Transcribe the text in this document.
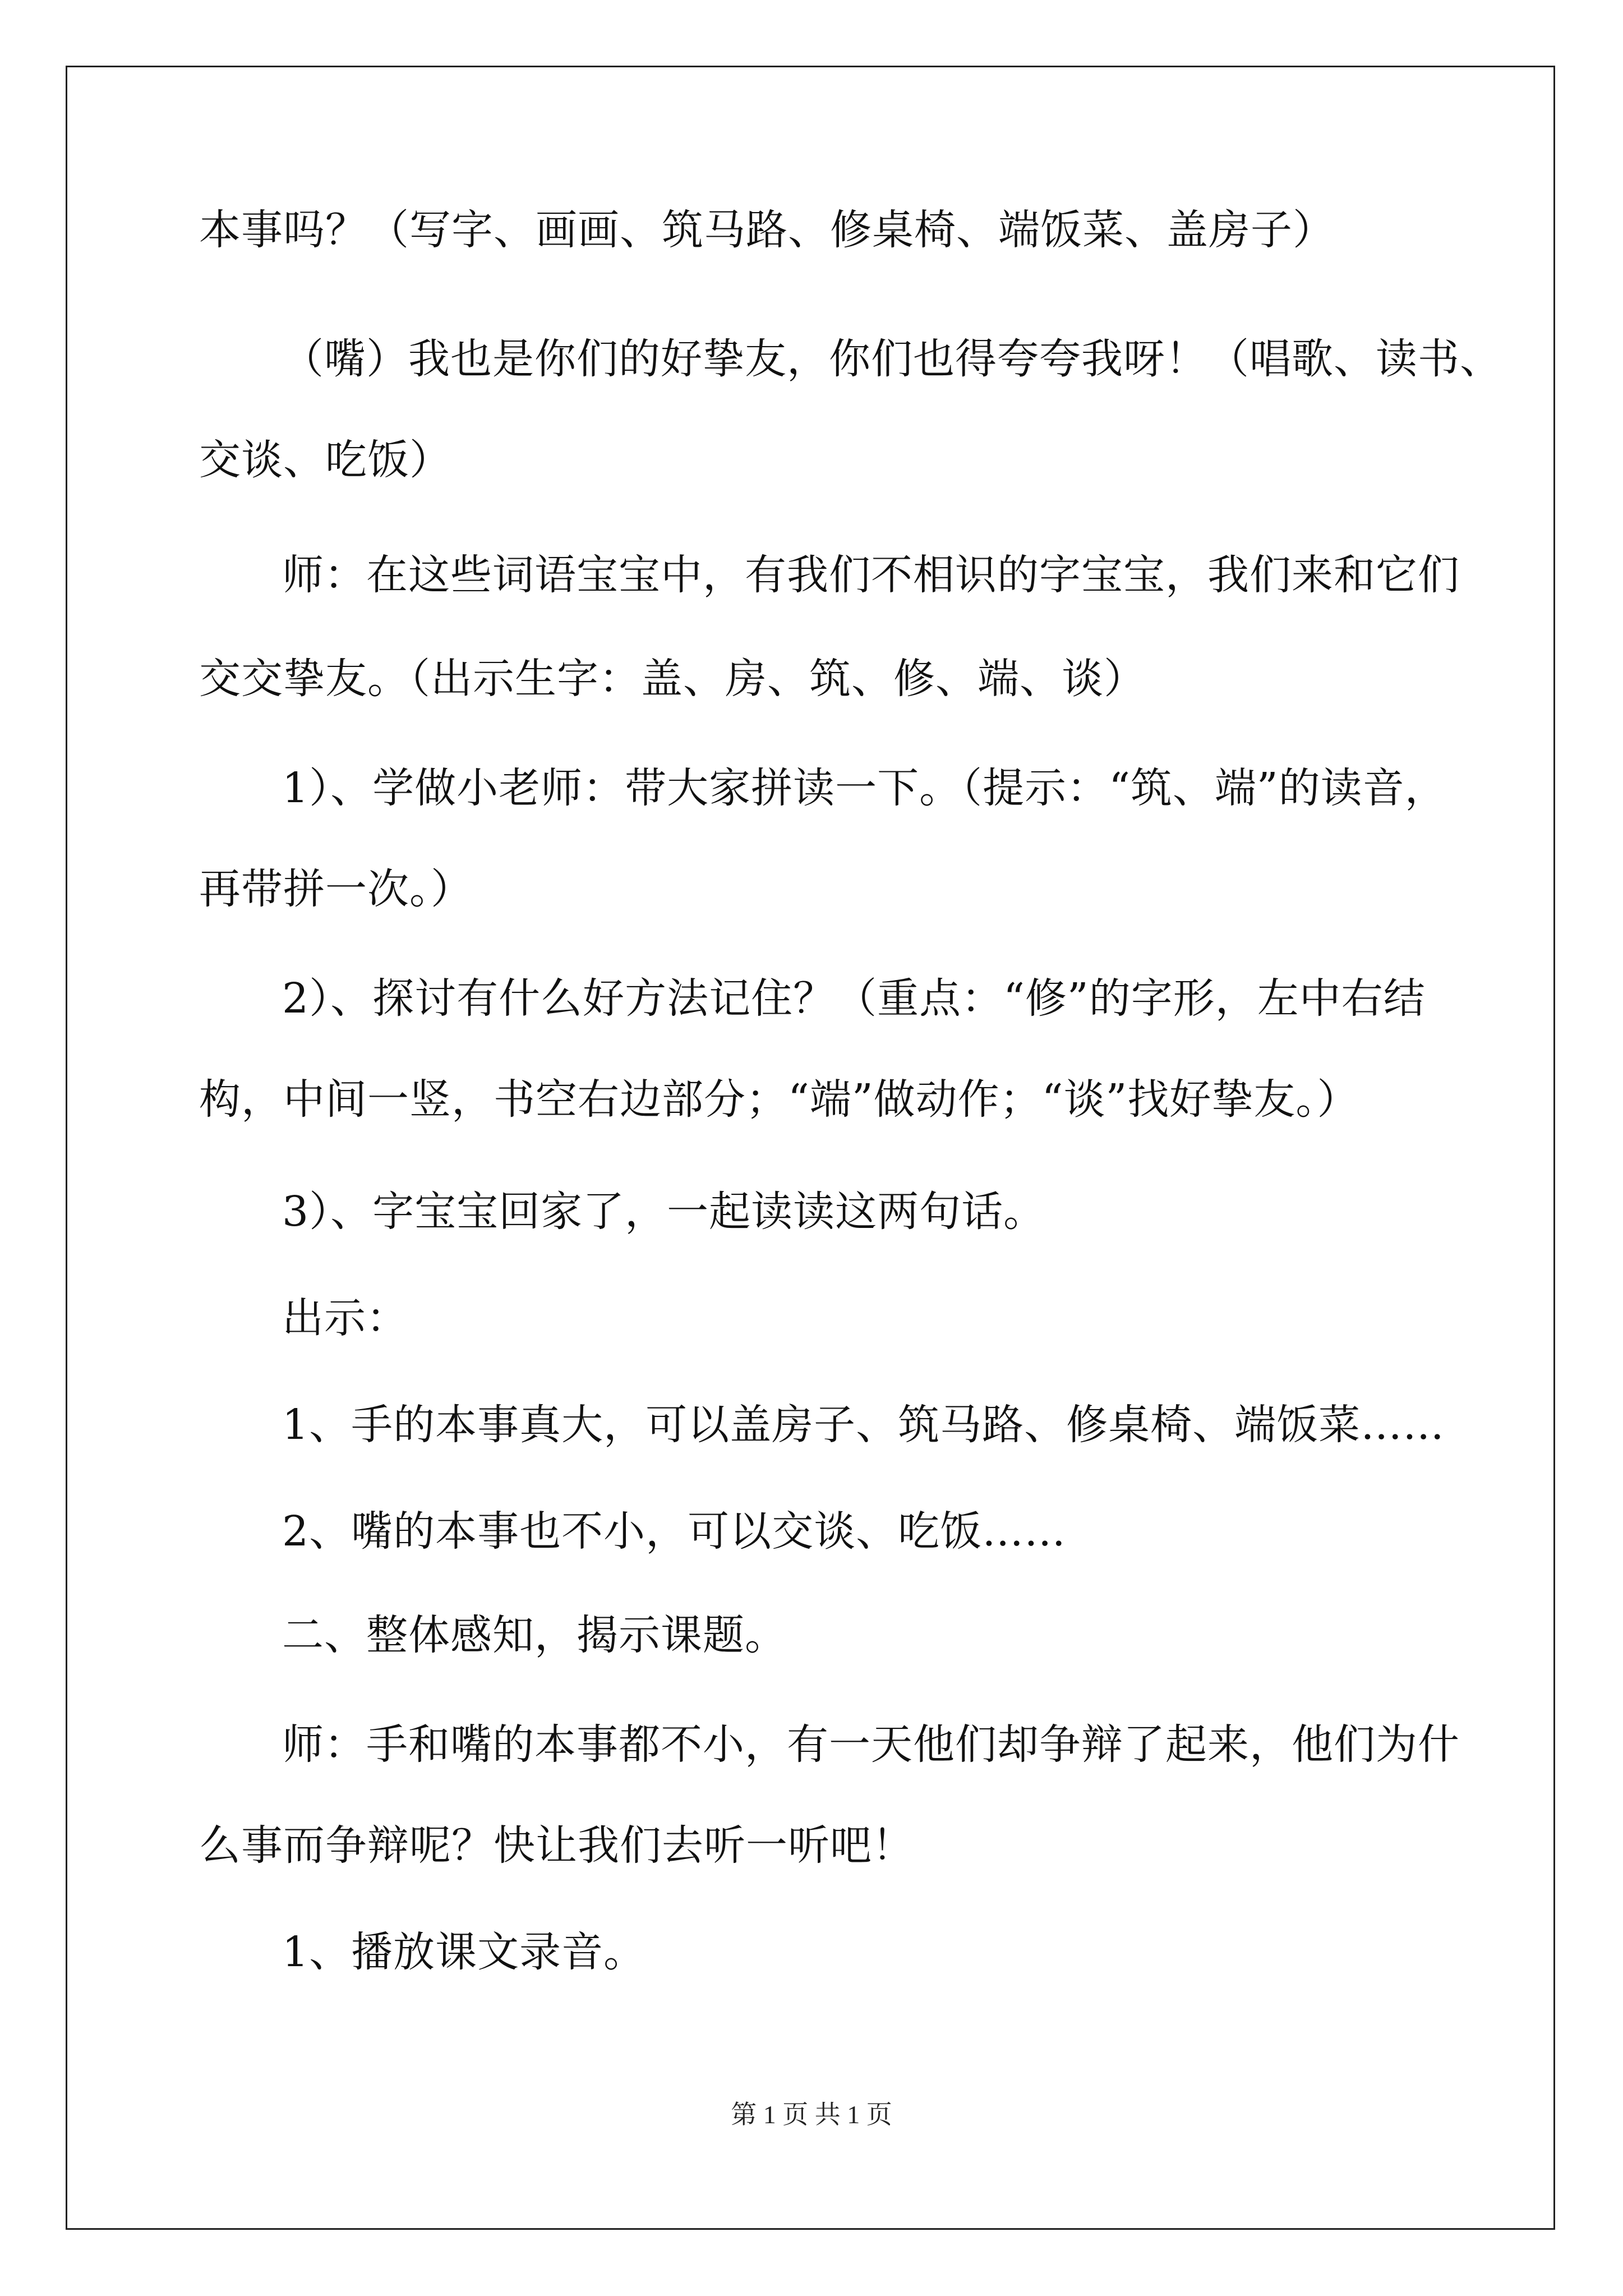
本事吗？（写字、画画、筑马路、修桌椅、端饭菜、盖房子）
（嘴）我也是你们的好挚友，你们也得夸夸我呀！（唱歌、读书、
交谈、吃饭）
师：在这些词语宝宝中，有我们不相识的字宝宝，我们来和它们
交交挚友。（出示生字：盖、房、筑、修、端、谈）
1）、学做小老师：带大家拼读一下。（提示：“筑、端”的读音，
再带拼一次。）
2）、探讨有什么好方法记住？（重点：“修”的字形，左中右结
构，中间一竖，书空右边部分；“端”做动作；“谈”找好挚友。）
3）、字宝宝回家了，一起读读这两句话。
出示：
1、手的本事真大，可以盖房子、筑马路、修桌椅、端饭菜……
2、嘴的本事也不小，可以交谈、吃饭……
二、整体感知，揭示课题。
师：手和嘴的本事都不小，有一天他们却争辩了起来，他们为什
么事而争辩呢？快让我们去听一听吧！
1、播放课文录音。
第 1 页 共 1 页
